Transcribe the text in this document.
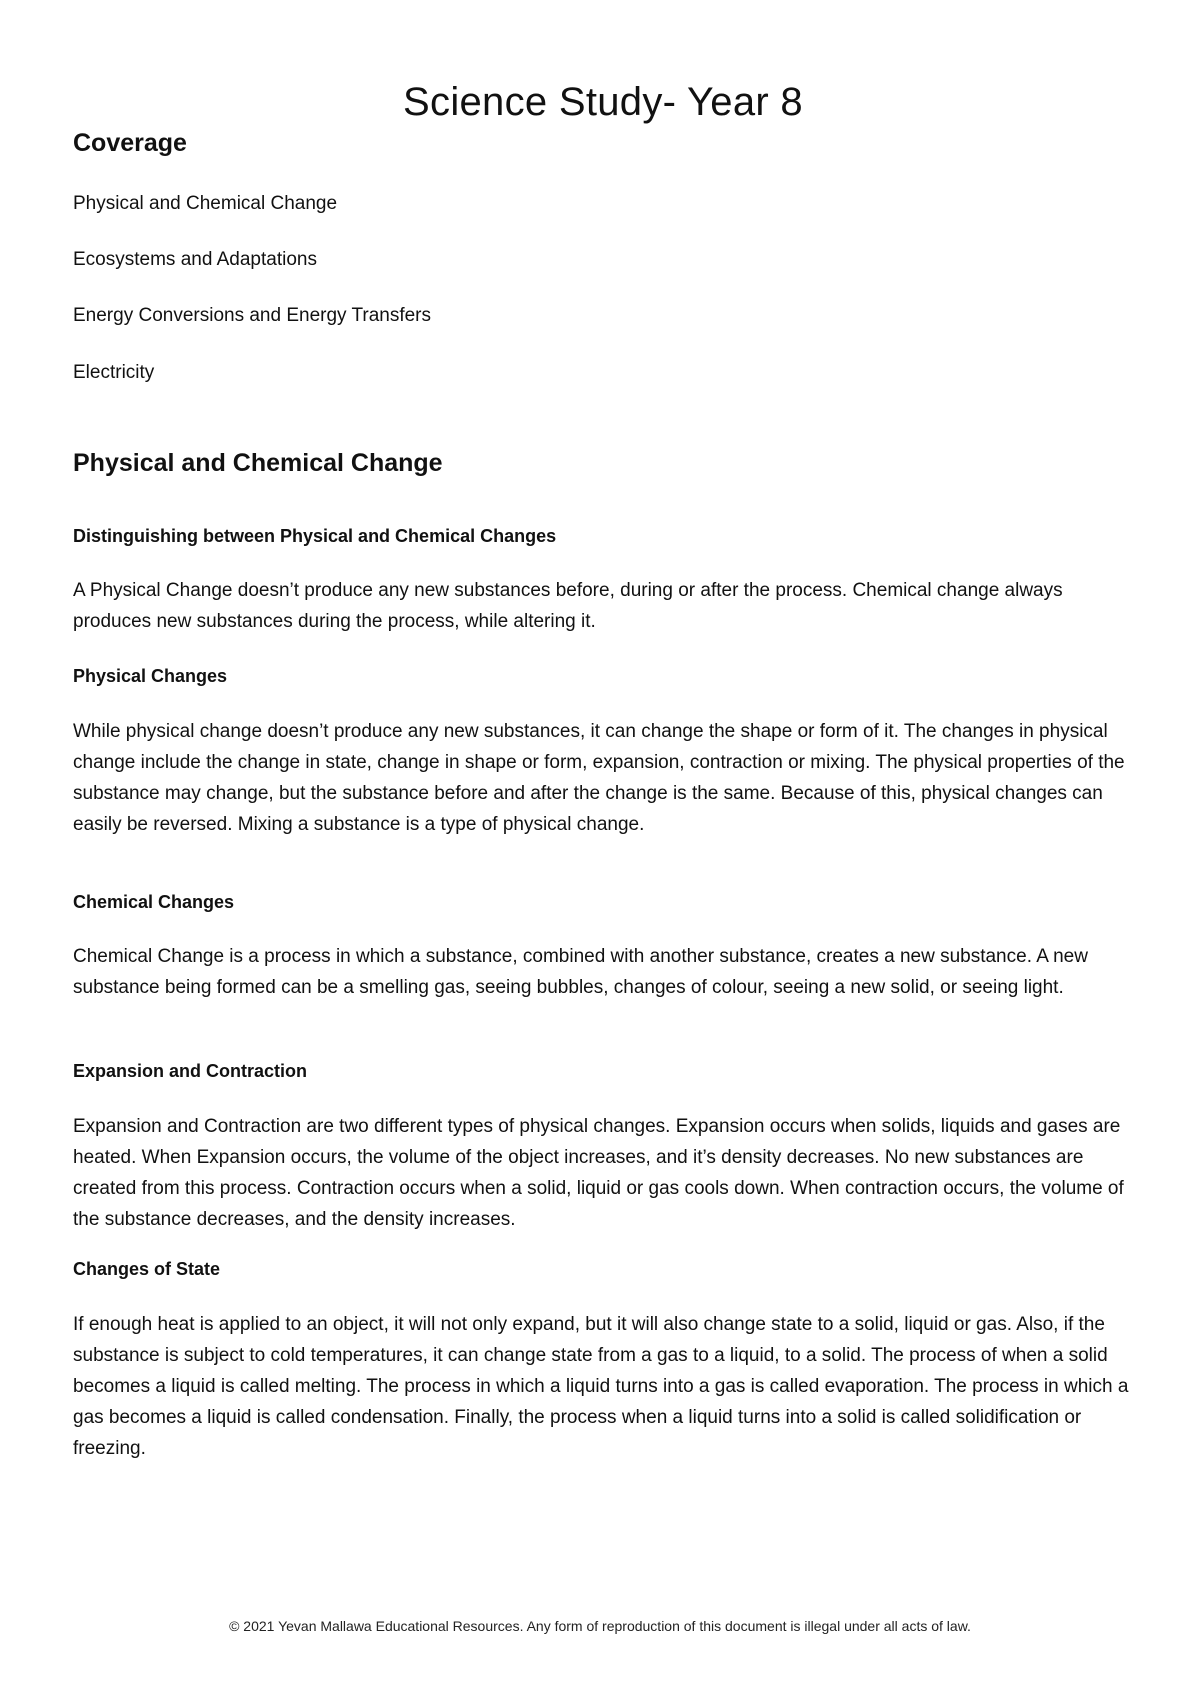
Science Study- Year 8
Coverage

Physical and Chemical Change

Ecosystems and Adaptations

Energy Conversions and Energy Transfers

Electricity

Physical and Chemical Change
Distinguishing between Physical and Chemical Changes

A Physical Change doesn’t produce any new substances before, during or after the process. Chemical change always produces new substances during the process, while altering it.

Physical Changes

While physical change doesn’t produce any new substances, it can change the shape or form of it. The changes in physical change include the change in state, change in shape or form, expansion, contraction or mixing. The physical properties of the substance may change, but the substance before and after the change is the same. Because of this, physical changes can easily be reversed. Mixing a substance is a type of physical change.

Chemical Changes

Chemical Change is a process in which a substance, combined with another substance, creates a new substance. A new substance being formed can be a smelling gas, seeing bubbles, changes of colour, seeing a new solid, or seeing light.

Expansion and Contraction

Expansion and Contraction are two different types of physical changes. Expansion occurs when solids, liquids and gases are heated. When Expansion occurs, the volume of the object increases, and it’s density decreases. No new substances are created from this process. Contraction occurs when a solid, liquid or gas cools down. When contraction occurs, the volume of the substance decreases, and the density increases.

Changes of State

If enough heat is applied to an object, it will not only expand, but it will also change state to a solid, liquid or gas. Also, if the substance is subject to cold temperatures, it can change state from a gas to a liquid, to a solid. The process of when a solid becomes a liquid is called melting. The process in which a liquid turns into a gas is called evaporation. The process in which a gas becomes a liquid is called condensation. Finally, the process when a liquid turns into a solid is called solidification or freezing.

© 2021 Yevan Mallawa Educational Resources. Any form of reproduction of this document is illegal under all acts of law.
